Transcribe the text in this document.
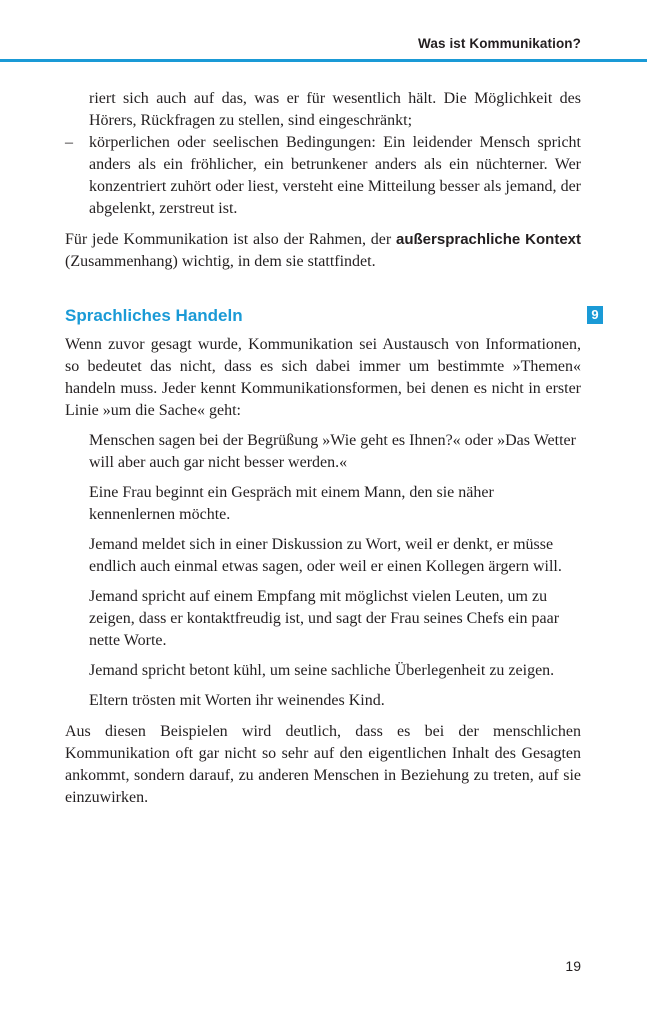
Was ist Kommunikation?

riert sich auch auf das, was er für wesentlich hält. Die Möglichkeit des Hörers, Rückfragen zu stellen, sind eingeschränkt;

– körperlichen oder seelischen Bedingungen: Ein leidender Mensch spricht anders als ein fröhlicher, ein betrunkener anders als ein nüchterner. Wer konzentriert zuhört oder liest, versteht eine Mitteilung besser als jemand, der abgelenkt, zerstreut ist.

Für jede Kommunikation ist also der Rahmen, der außersprachliche Kontext (Zusammenhang) wichtig, in dem sie stattfindet.

Sprachliches Handeln	9

Wenn zuvor gesagt wurde, Kommunikation sei Austausch von Informationen, so bedeutet das nicht, dass es sich dabei immer um bestimmte »Themen« handeln muss. Jeder kennt Kommunikationsformen, bei denen es nicht in erster Linie »um die Sache« geht:

Menschen sagen bei der Begrüßung »Wie geht es Ihnen?« oder »Das Wetter will aber auch gar nicht besser werden.«

Eine Frau beginnt ein Gespräch mit einem Mann, den sie näher kennenlernen möchte.

Jemand meldet sich in einer Diskussion zu Wort, weil er denkt, er müsse endlich auch einmal etwas sagen, oder weil er einen Kollegen ärgern will.

Jemand spricht auf einem Empfang mit möglichst vielen Leuten, um zu zeigen, dass er kontaktfreudig ist, und sagt der Frau seines Chefs ein paar nette Worte.

Jemand spricht betont kühl, um seine sachliche Überlegenheit zu zeigen.

Eltern trösten mit Worten ihr weinendes Kind.

Aus diesen Beispielen wird deutlich, dass es bei der menschlichen Kommunikation oft gar nicht so sehr auf den eigentlichen Inhalt des Gesagten ankommt, sondern darauf, zu anderen Menschen in Beziehung zu treten, auf sie einzuwirken.

19
